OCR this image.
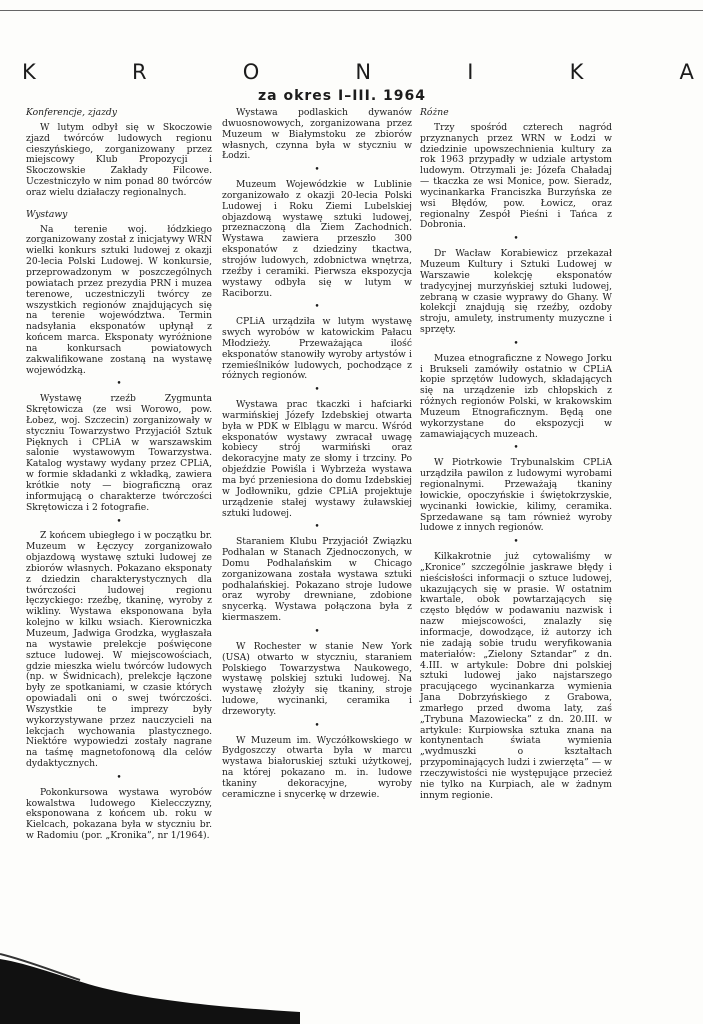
K	R	O	N	I	K	A
za okres I–III. 1964
Konferencje, zjazdy

W lutym odbył się w Skoczowie zjazd twórców ludowych regionu cieszyńskiego, zorganizowany przez miejscowy Klub Propozycji i Skoczowskie Zakłady Filcowe. Uczestniczyło w nim ponad 80 twórców oraz wielu działaczy regionalnych.

Wystawy

Na terenie woj. łódzkiego zorganizowany został z inicjatywy WRN wielki konkurs sztuki ludowej z okazji 20-lecia Polski Ludowej. W konkursie, przeprowadzonym w poszczególnych powiatach przez prezydia PRN i muzea terenowe, uczestniczyli twórcy ze wszystkich regionów znajdujących się na terenie województwa. Termin nadsyłania eksponatów upłynął z końcem marca. Eksponaty wyróżnione na konkursach powiatowych zakwalifikowane zostaną na wystawę wojewódzką.

•

Wystawę rzeźb Zygmunta Skrętowicza (ze wsi Worowo, pow. Łobez, woj. Szczecin) zorganizowały w styczniu Towarzystwo Przyjaciół Sztuk Pięknych i CPLiA w warszawskim salonie wystawowym Towarzystwa. Katalog wystawy wydany przez CPLiA, w formie składanki z wkładką, zawiera krótkie noty — biograficzną oraz informującą o charakterze twórczości Skrętowicza i 2 fotografie.

•

Z końcem ubiegłego i w początku br. Muzeum w Łęczycy zorganizowało objazdową wystawę sztuki ludowej ze zbiorów własnych. Pokazano eksponaty z dziedzin charakterystycznych dla twórczości ludowej regionu łęczyckiego: rzeźbę, tkaninę, wyroby z wikliny. Wystawa eksponowana była kolejno w kilku wsiach. Kierowniczka Muzeum, Jadwiga Grodzka, wygłaszała na wystawie prelekcje poświęcone sztuce ludowej. W miejscowościach, gdzie mieszka wielu twórców ludowych (np. w Świdnicach), prelekcje łączone były ze spotkaniami, w czasie których opowiadali oni o swej twórczości. Wszystkie te imprezy były wykorzystywane przez nauczycieli na lekcjach wychowania plastycznego. Niektóre wypowiedzi zostały nagrane na taśmę magnetofonową dla celów dydaktycznych.

•

Pokonkursowa wystawa wyrobów kowalstwa ludowego Kielecczyzny, eksponowana z końcem ub. roku w Kielcach, pokazana była w styczniu br. w Radomiu (por. „Kronika”, nr 1/1964).

Wystawa podlaskich dywanów dwuosnowowych, zorganizowana przez Muzeum w Białymstoku ze zbiorów własnych, czynna była w styczniu w Łodzi.

•

Muzeum Wojewódzkie w Lublinie zorganizowało z okazji 20-lecia Polski Ludowej i Roku Ziemi Lubelskiej objazdową wystawę sztuki ludowej, przeznaczoną dla Ziem Zachodnich. Wystawa zawiera przeszło 300 eksponatów z dziedziny tkactwa, strojów ludowych, zdobnictwa wnętrza, rzeźby i ceramiki. Pierwsza ekspozycja wystawy odbyła się w lutym w Raciborzu.

•

CPLiA urządziła w lutym wystawę swych wyrobów w katowickim Pałacu Młodzieży. Przeważająca ilość eksponatów stanowiły wyroby artystów i rzemieślników ludowych, pochodzące z różnych regionów.

•

Wystawa prac tkaczki i hafciarki warmińskiej Józefy Izdebskiej otwarta była w PDK w Elblągu w marcu. Wśród eksponatów wystawy zwracał uwagę kobiecy strój warmiński oraz dekoracyjne maty ze słomy i trzciny. Po objeździe Powiśla i Wybrzeża wystawa ma być przeniesiona do domu Izdebskiej w Jodłowniku, gdzie CPLiA projektuje urządzenie stałej wystawy żuławskiej sztuki ludowej.

•

Staraniem Klubu Przyjaciół Związku Podhalan w Stanach Zjednoczonych, w Domu Podhalańskim w Chicago zorganizowana została wystawa sztuki podhalańskiej. Pokazano stroje ludowe oraz wyroby drewniane, zdobione snycerką. Wystawa połączona była z kiermaszem.

•

W Rochester w stanie New York (USA) otwarto w styczniu, staraniem Polskiego Towarzystwa Naukowego, wystawę polskiej sztuki ludowej. Na wystawę złożyły się tkaniny, stroje ludowe, wycinanki, ceramika i drzeworyty.

•

W Muzeum im. Wyczółkowskiego w Bydgoszczy otwarta była w marcu wystawa białoruskiej sztuki użytkowej, na której pokazano m. in. ludowe tkaniny dekoracyjne, wyroby ceramiczne i snycerkę w drzewie.

Różne

Trzy spośród czterech nagród przyznanych przez WRN w Łodzi w dziedzinie upowszechnienia kultury za rok 1963 przypadły w udziale artystom ludowym. Otrzymali je: Józefa Chaładaj — tkaczka ze wsi Monice, pow. Sieradz, wycinankarka Franciszka Burzyńska ze wsi Błędów, pow. Łowicz, oraz regionalny Zespół Pieśni i Tańca z Dobronia.

•

Dr Wacław Korabiewicz przekazał Muzeum Kultury i Sztuki Ludowej w Warszawie kolekcję eksponatów tradycyjnej murzyńskiej sztuki ludowej, zebraną w czasie wyprawy do Ghany. W kolekcji znajdują się rzeźby, ozdoby stroju, amulety, instrumenty muzyczne i sprzęty.

•

Muzea etnograficzne z Nowego Jorku i Brukseli zamówiły ostatnio w CPLiA kopie sprzętów ludowych, składających się na urządzenie izb chłopskich z różnych regionów Polski, w krakowskim Muzeum Etnograficznym. Będą one wykorzystane do ekspozycji w zamawiających muzeach.

•

W Piotrkowie Trybunalskim CPLiA urządziła pawilon z ludowymi wyrobami regionalnymi. Przeważają tkaniny łowickie, opoczyńskie i świętokrzyskie, wycinanki łowickie, kilimy, ceramika. Sprzedawane są tam również wyroby ludowe z innych regionów.

•

Kilkakrotnie już cytowaliśmy w „Kronice” szczególnie jaskrawe błędy i nieścisłości informacji o sztuce ludowej, ukazujących się w prasie. W ostatnim kwartale, obok powtarzających się często błędów w podawaniu nazwisk i nazw miejscowości, znalazły się informacje, dowodzące, iż autorzy ich nie zadają sobie trudu weryfikowania materiałów: „Zielony Sztandar” z dn. 4.III. w artykule: Dobre dni polskiej sztuki ludowej jako najstarszego pracującego wycinankarza wymienia Jana Dobrzyńskiego z Grabowa, zmarłego przed dwoma laty, zaś „Trybuna Mazowiecka” z dn. 20.III. w artykule: Kurpiowska sztuka znana na kontynentach świata wymienia „wydmuszki o kształtach przypominających ludzi i zwierzęta” — w rzeczywistości nie występujące przecież nie tylko na Kurpiach, ale w żadnym innym regionie.
